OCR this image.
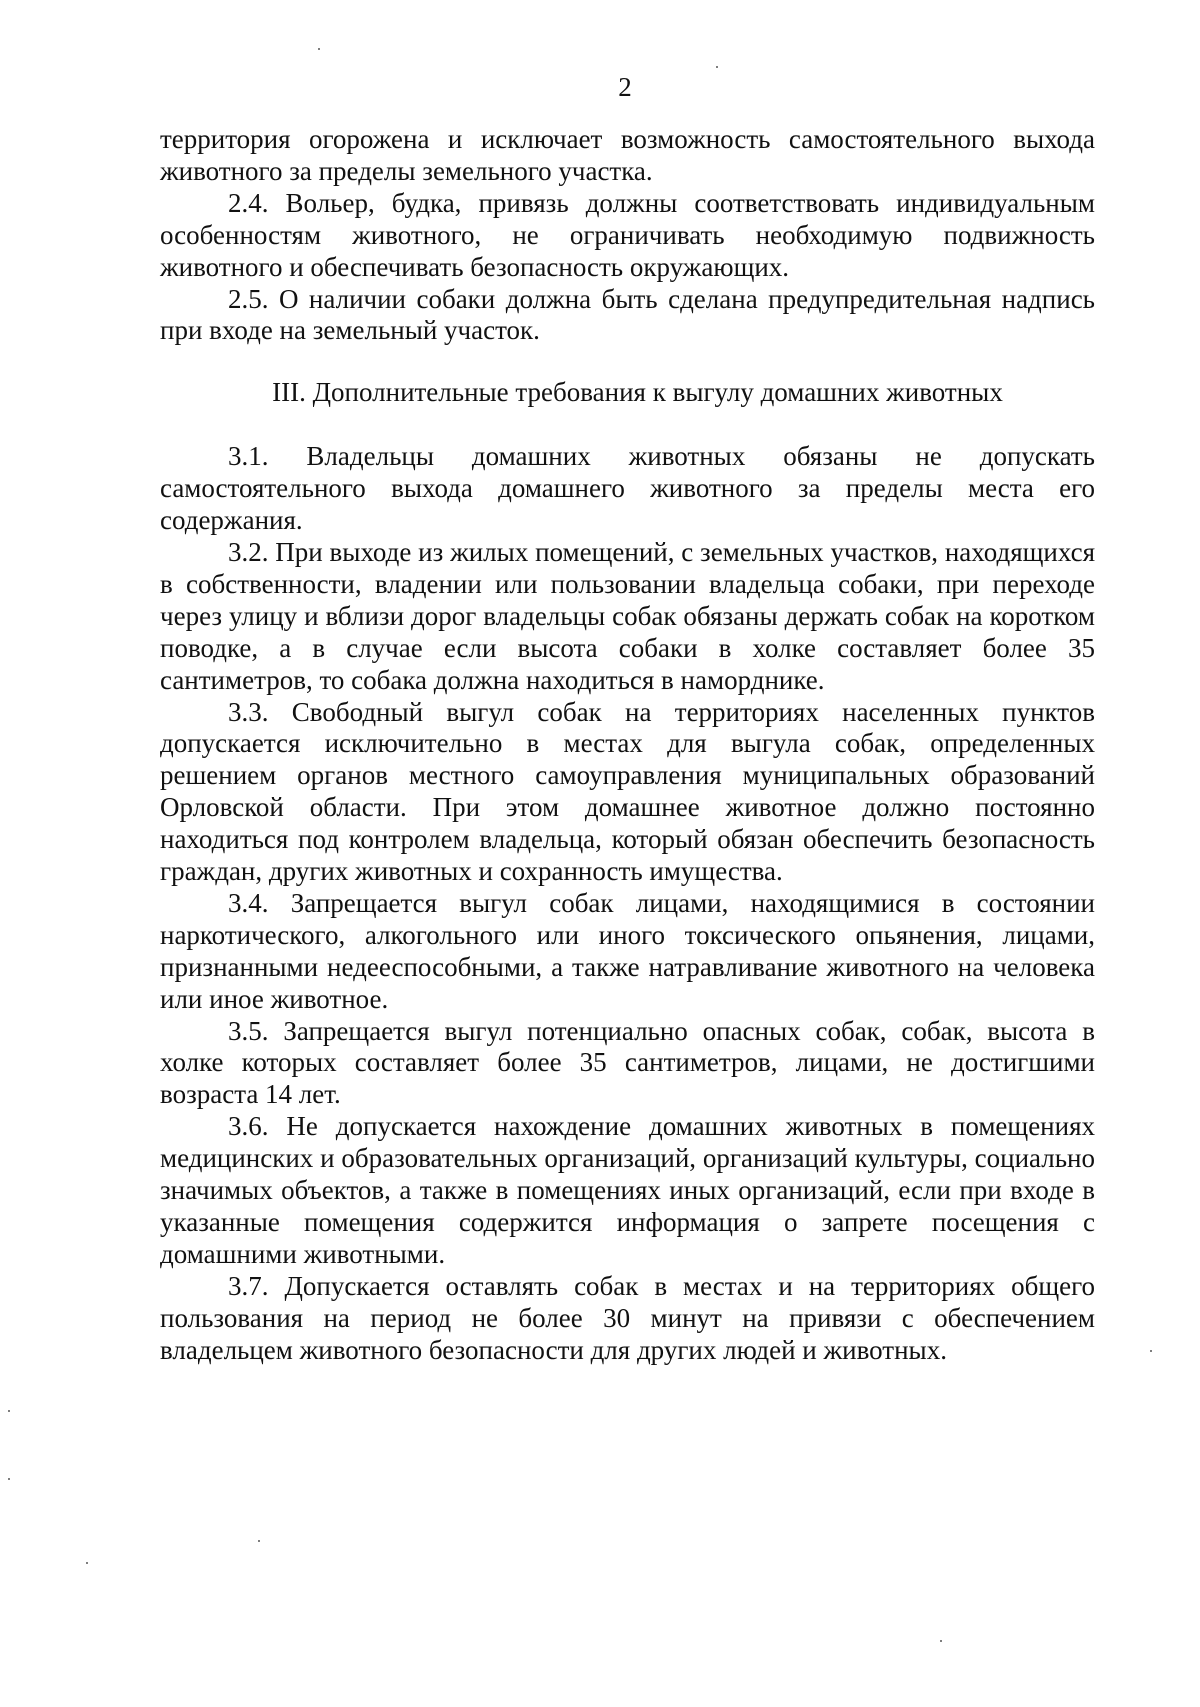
2

территория огорожена и исключает возможность самостоятельного выхода животного за пределы земельного участка.

2.4. Вольер, будка, привязь должны соответствовать индивидуальным особенностям животного, не ограничивать необходимую подвижность животного и обеспечивать безопасность окружающих.

2.5. О наличии собаки должна быть сделана предупредительная надпись при входе на земельный участок.

III. Дополнительные требования к выгулу домашних животных

3.1. Владельцы домашних животных обязаны не допускать самостоятельного выхода домашнего животного за пределы места его содержания.

3.2. При выходе из жилых помещений, с земельных участков, находящихся в собственности, владении или пользовании владельца собаки, при переходе через улицу и вблизи дорог владельцы собак обязаны держать собак на коротком поводке, а в случае если высота собаки в холке составляет более 35 сантиметров, то собака должна находиться в наморднике.

3.3. Свободный выгул собак на территориях населенных пунктов допускается исключительно в местах для выгула собак, определенных решением органов местного самоуправления муниципальных образований Орловской области. При этом домашнее животное должно постоянно находиться под контролем владельца, который обязан обеспечить безопасность граждан, других животных и сохранность имущества.

3.4. Запрещается выгул собак лицами, находящимися в состоянии наркотического, алкогольного или иного токсического опьянения, лицами, признанными недееспособными, а также натравливание животного на человека или иное животное.

3.5. Запрещается выгул потенциально опасных собак, собак, высота в холке которых составляет более 35 сантиметров, лицами, не достигшими возраста 14 лет.

3.6. Не допускается нахождение домашних животных в помещениях медицинских и образовательных организаций, организаций культуры, социально значимых объектов, а также в помещениях иных организаций, если при входе в указанные помещения содержится информация о запрете посещения с домашними животными.

3.7. Допускается оставлять собак в местах и на территориях общего пользования на период не более 30 минут на привязи с обеспечением владельцем животного безопасности для других людей и животных.
